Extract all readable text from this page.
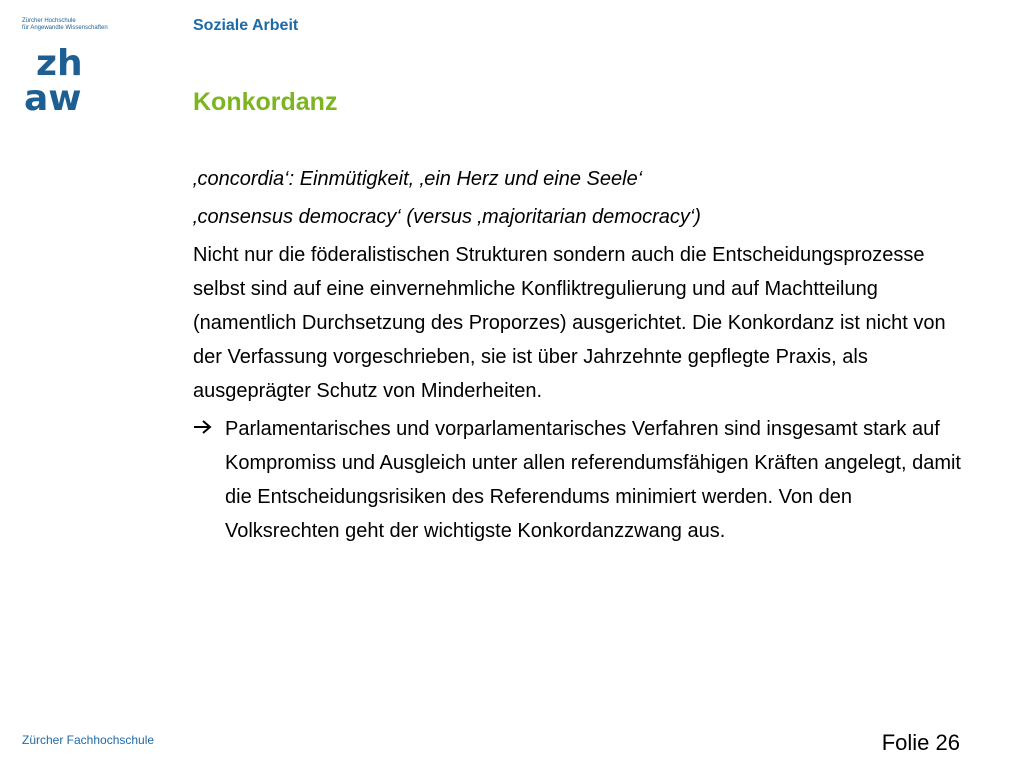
Zürcher Hochschule
für Angewandte Wissenschaften
zh
aw
Soziale Arbeit
Konkordanz
‚concordia‘: Einmütigkeit, ‚ein Herz und eine Seele‘
‚consensus democracy‘ (versus ‚majoritarian democracy‘)
Nicht nur die föderalistischen Strukturen sondern auch die Entscheidungsprozesse selbst sind auf eine einvernehmliche Konfliktregulierung und auf Machtteilung (namentlich Durchsetzung des Proporzes) ausgerichtet. Die Konkordanz ist nicht von der Verfassung vorgeschrieben, sie ist über Jahrzehnte gepflegte Praxis, als ausgeprägter Schutz von Minderheiten.
Parlamentarisches und vorparlamentarisches Verfahren sind insgesamt stark auf Kompromiss und Ausgleich unter allen referendumsfähigen Kräften angelegt, damit die Entscheidungsrisiken des Referendums minimiert werden. Von den Volksrechten geht der wichtigste Konkordanzzwang aus.
Zürcher Fachhochschule	Folie 26
